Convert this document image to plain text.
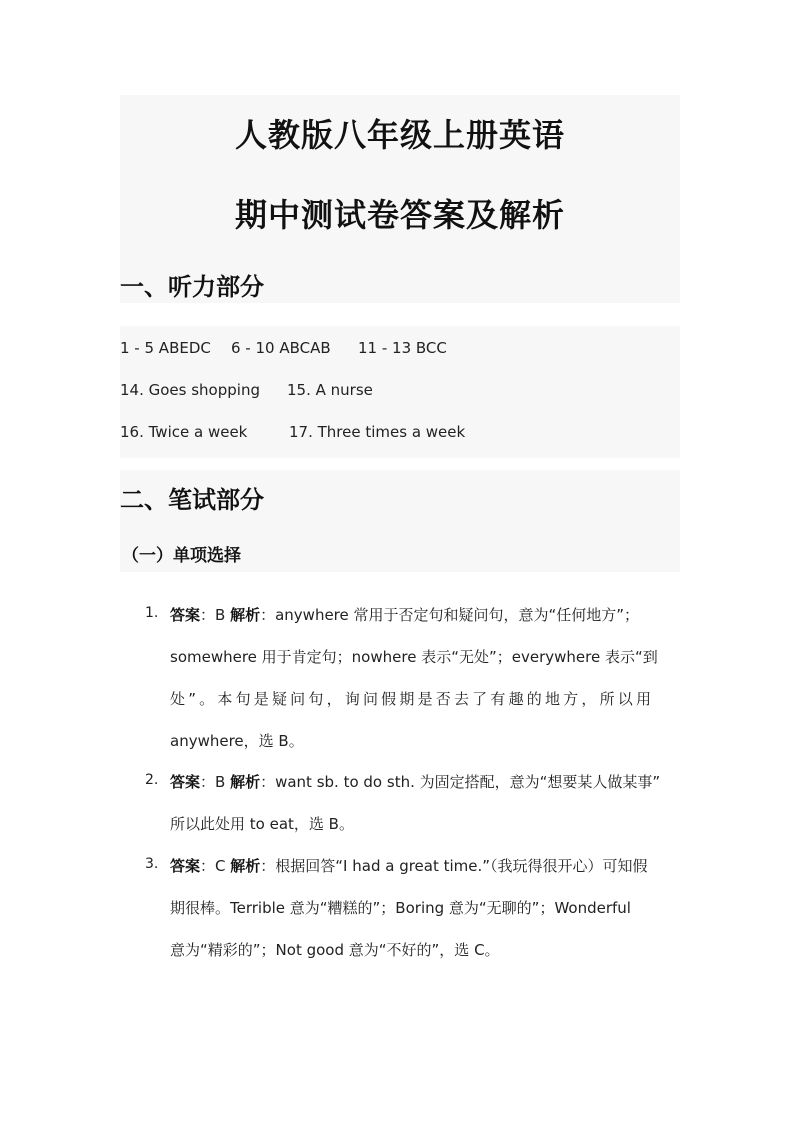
人教版八年级上册英语
期中测试卷答案及解析
一、听力部分
1 - 5 ABEDC 6 - 10 ABCAB 11 - 13 BCC
14. Goes shopping 15. A nurse
16. Twice a week	17. Three times a week
二、笔试部分
（一）单项选择
1. 答案：B 解析：anywhere 常用于否定句和疑问句，意为“任何地方”；
somewhere 用于肯定句；nowhere 表示“无处”；everywhere 表示“到
处”。本句是疑问句，询问假期是否去了有趣的地方，所以用
anywhere，选 B。
2. 答案：B 解析：want sb. to do sth. 为固定搭配，意为“想要某人做某事”
所以此处用 to eat，选 B。
3. 答案：C 解析：根据回答“I had a great time.”（我玩得很开心）可知假
期很棒。Terrible 意为“糟糕的”；Boring 意为“无聊的”；Wonderful
意为“精彩的”；Not good 意为“不好的”，选 C。
